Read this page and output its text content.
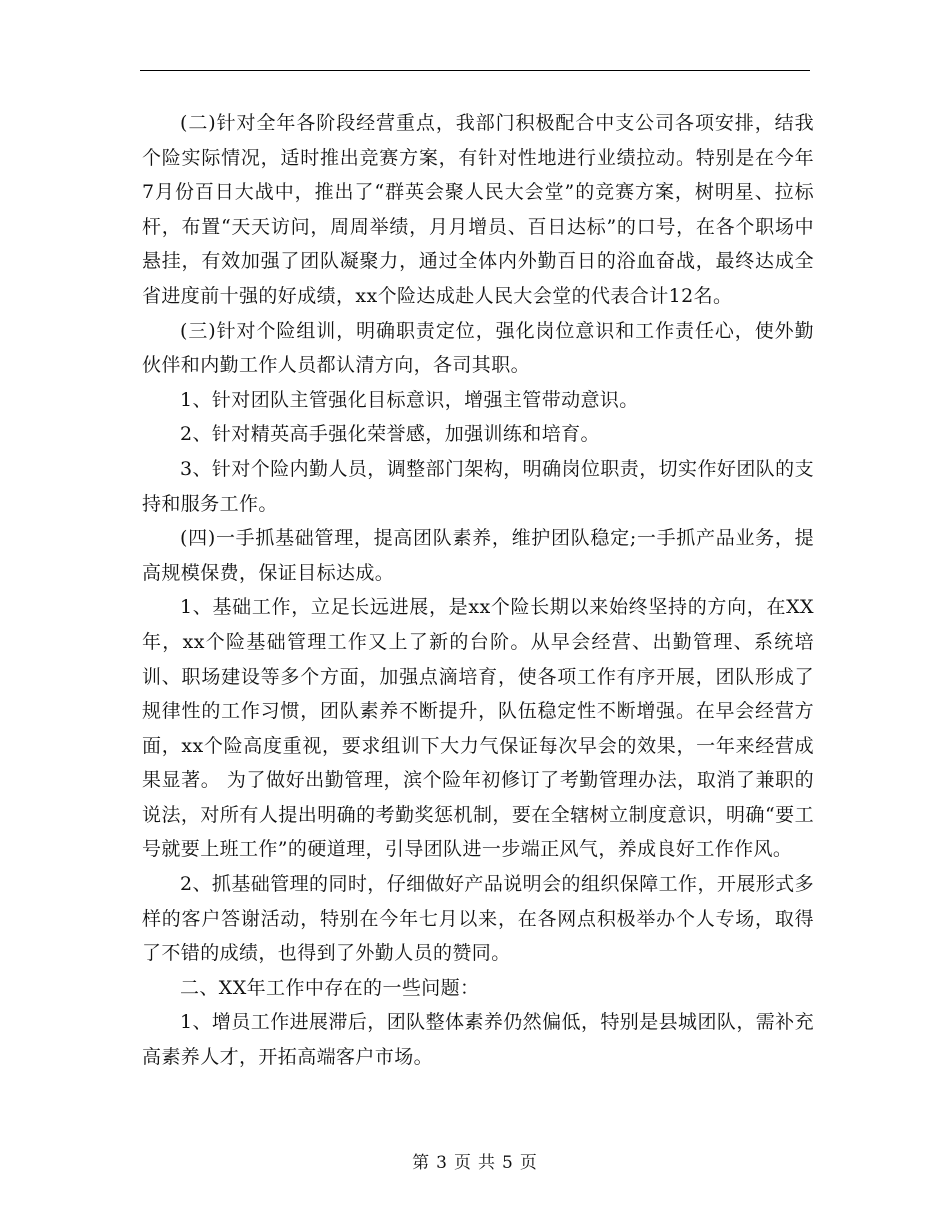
(二)针对全年各阶段经营重点，我部门积极配合中支公司各项安排，结我个险实际情况，适时推出竞赛方案，有针对性地进行业绩拉动。特别是在今年7月份百日大战中，推出了“群英会聚人民大会堂”的竞赛方案，树明星、拉标杆，布置“天天访问，周周举绩，月月增员、百日达标”的口号，在各个职场中悬挂，有效加强了团队凝聚力，通过全体内外勤百日的浴血奋战，最终达成全省进度前十强的好成绩，xx个险达成赴人民大会堂的代表合计12名。

(三)针对个险组训，明确职责定位，强化岗位意识和工作责任心，使外勤伙伴和内勤工作人员都认清方向，各司其职。

1、针对团队主管强化目标意识，增强主管带动意识。

2、针对精英高手强化荣誉感，加强训练和培育。

3、针对个险内勤人员，调整部门架构，明确岗位职责，切实作好团队的支持和服务工作。

(四)一手抓基础管理，提高团队素养，维护团队稳定;一手抓产品业务，提高规模保费，保证目标达成。

1、基础工作，立足长远进展，是xx个险长期以来始终坚持的方向，在XX年，xx个险基础管理工作又上了新的台阶。从早会经营、出勤管理、系统培训、职场建设等多个方面，加强点滴培育，使各项工作有序开展，团队形成了规律性的工作习惯，团队素养不断提升，队伍稳定性不断增强。在早会经营方面，xx个险高度重视，要求组训下大力气保证每次早会的效果，一年来经营成果显著。 为了做好出勤管理，滨个险年初修订了考勤管理办法，取消了兼职的说法，对所有人提出明确的考勤奖惩机制，要在全辖树立制度意识，明确“要工号就要上班工作”的硬道理，引导团队进一步端正风气，养成良好工作作风。

2、抓基础管理的同时，仔细做好产品说明会的组织保障工作，开展形式多样的客户答谢活动，特别在今年七月以来，在各网点积极举办个人专场，取得了不错的成绩，也得到了外勤人员的赞同。

二、XX年工作中存在的一些问题：

1、增员工作进展滞后，团队整体素养仍然偏低，特别是县城团队，需补充高素养人才，开拓高端客户市场。

第 3 页 共 5 页
